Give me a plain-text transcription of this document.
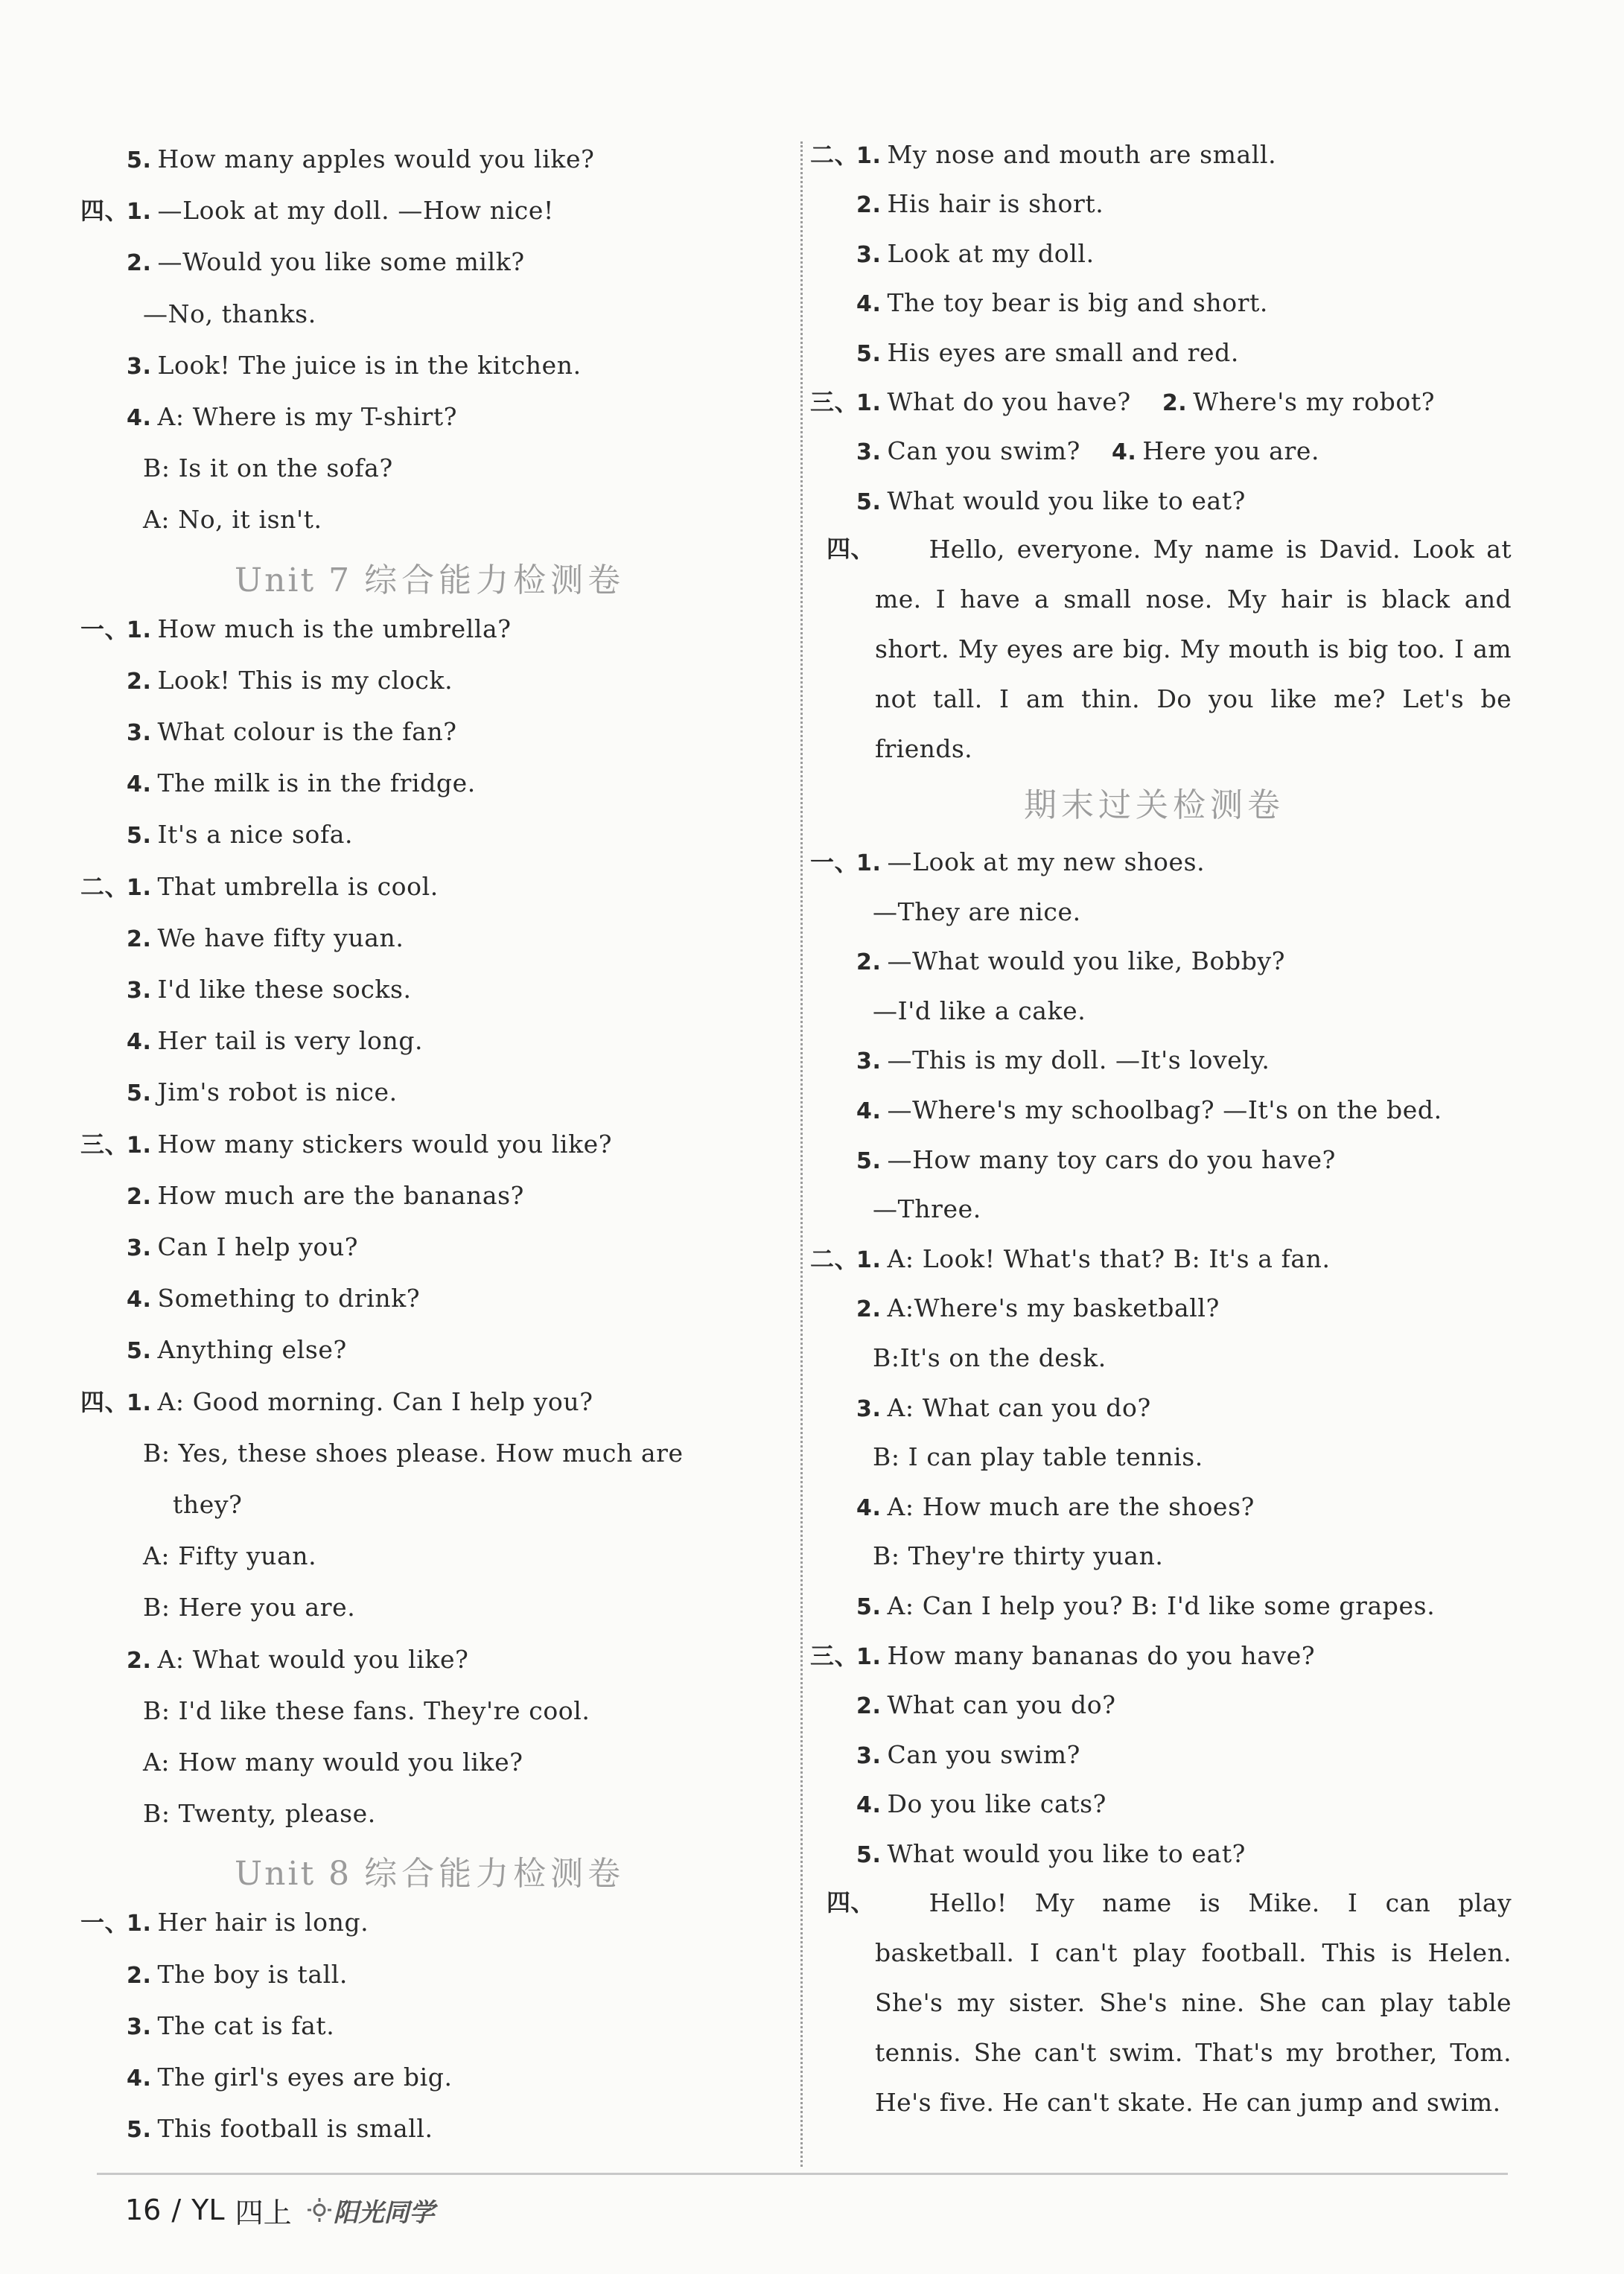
5. How many apples would you like?
四、
1. —Look at my doll. —How nice!
2. —Would you like some milk?
—No, thanks.
3. Look! The juice is in the kitchen.
4. A: Where is my T-shirt?
B: Is it on the sofa?
A: No, it isn't.
Unit 7 综合能力检测卷
一、
1. How much is the umbrella?
2. Look! This is my clock.
3. What colour is the fan?
4. The milk is in the fridge.
5. It's a nice sofa.
二、
1. That umbrella is cool.
2. We have fifty yuan.
3. I'd like these socks.
4. Her tail is very long.
5. Jim's robot is nice.
三、
1. How many stickers would you like?
2. How much are the bananas?
3. Can I help you?
4. Something to drink?
5. Anything else?
四、
1. A: Good morning. Can I help you?
B: Yes, these shoes please. How much are
they?
A: Fifty yuan.
B: Here you are.
2. A: What would you like?
B: I'd like these fans. They're cool.
A: How many would you like?
B: Twenty, please.
Unit 8 综合能力检测卷
一、
1. Her hair is long.
2. The boy is tall.
3. The cat is fat.
4. The girl's eyes are big.
5. This football is small.
二、
1. My nose and mouth are small.
2. His hair is short.
3. Look at my doll.
4. The toy bear is big and short.
5. His eyes are small and red.
三、
1. What do you have? 2. Where's my robot?
3. Can you swim? 4. Here you are.
5. What would you like to eat?

四、	Hello, everyone. My name is David. Look at me. I have a small nose. My hair is black and short. My eyes are big. My mouth is big too. I am not tall. I am thin. Do you like me? Let's be friends.

期末过关检测卷
一、
1. —Look at my new shoes.
—They are nice.
2. —What would you like, Bobby?
—I'd like a cake.
3. —This is my doll. —It's lovely.
4. —Where's my schoolbag? —It's on the bed.
5. —How many toy cars do you have?
—Three.
二、
1. A: Look! What's that? B: It's a fan.
2. A:Where's my basketball?
B:It's on the desk.
3. A: What can you do?
B: I can play table tennis.
4. A: How much are the shoes?
B: They're thirty yuan.
5. A: Can I help you? B: I'd like some grapes.
三、
1. How many bananas do you have?
2. What can you do?
3. Can you swim?
4. Do you like cats?
5. What would you like to eat?

四、	Hello! My name is Mike. I can play basketball. I can't play football. This is Helen. She's my sister. She's nine. She can play table tennis. She can't swim. That's my brother, Tom. He's five. He can't skate. He can jump and swim.

16 / YL 四上 阳光同学
